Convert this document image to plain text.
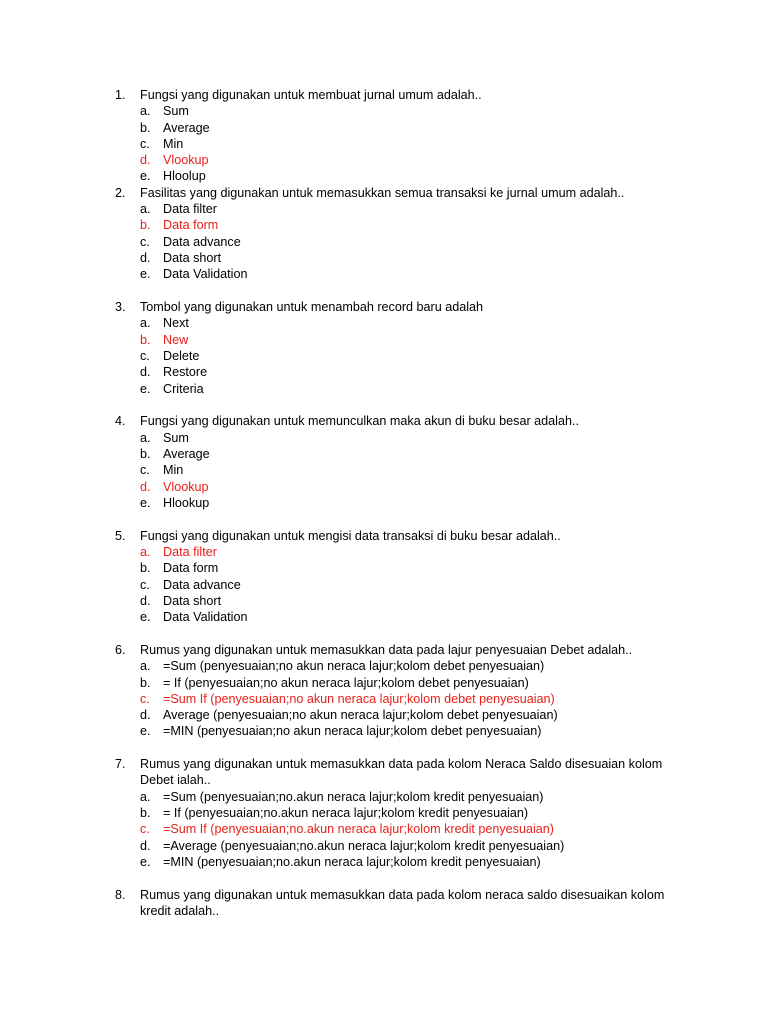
1. Fungsi yang digunakan untuk membuat jurnal umum adalah..
a. Sum
b. Average
c. Min
d. Vlookup
e. Hloolup
2. Fasilitas yang digunakan untuk memasukkan semua transaksi ke jurnal umum adalah..
a. Data filter
b. Data form
c. Data advance
d. Data short
e. Data Validation
3. Tombol yang digunakan untuk menambah record baru adalah
a. Next
b. New
c. Delete
d. Restore
e. Criteria
4. Fungsi yang digunakan untuk memunculkan maka akun di buku besar adalah..
a. Sum
b. Average
c. Min
d. Vlookup
e. Hlookup
5. Fungsi yang digunakan untuk mengisi data transaksi di buku besar adalah..
a. Data filter
b. Data form
c. Data advance
d. Data short
e. Data Validation
6. Rumus yang digunakan untuk memasukkan data pada lajur penyesuaian Debet adalah..
a. =Sum (penyesuaian;no akun neraca lajur;kolom debet penyesuaian)
b. = If (penyesuaian;no akun neraca lajur;kolom debet penyesuaian)
c. =Sum If (penyesuaian;no akun neraca lajur;kolom debet penyesuaian)
d. Average (penyesuaian;no akun neraca lajur;kolom debet penyesuaian)
e. =MIN (penyesuaian;no akun neraca lajur;kolom debet penyesuaian)
7. Rumus yang digunakan untuk memasukkan data pada kolom Neraca Saldo disesuaian kolom Debet ialah..
a. =Sum (penyesuaian;no.akun neraca lajur;kolom kredit penyesuaian)
b. = If (penyesuaian;no.akun neraca lajur;kolom kredit penyesuaian)
c. =Sum If (penyesuaian;no.akun neraca lajur;kolom kredit penyesuaian)
d. =Average (penyesuaian;no.akun neraca lajur;kolom kredit penyesuaian)
e. =MIN (penyesuaian;no.akun neraca lajur;kolom kredit penyesuaian)
8. Rumus yang digunakan untuk memasukkan data pada kolom neraca saldo disesuaikan kolom kredit adalah..
